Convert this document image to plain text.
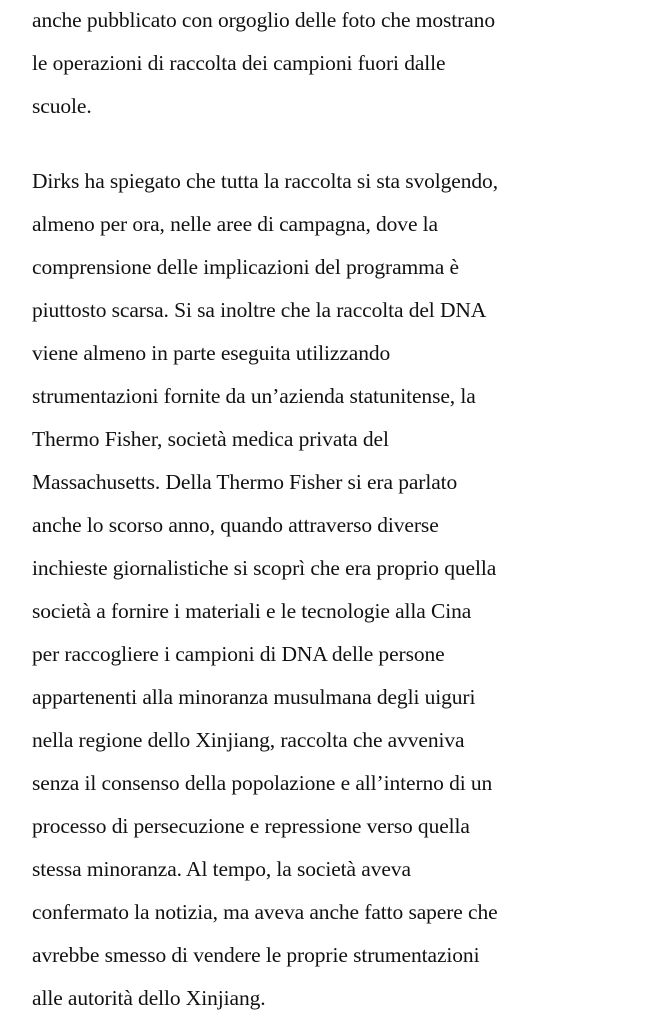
anche pubblicato con orgoglio delle foto che mostrano
le operazioni di raccolta dei campioni fuori dalle
scuole.

Dirks ha spiegato che tutta la raccolta si sta svolgendo,
almeno per ora, nelle aree di campagna, dove la
comprensione delle implicazioni del programma è
piuttosto scarsa. Si sa inoltre che la raccolta del DNA
viene almeno in parte eseguita utilizzando
strumentazioni fornite da un’azienda statunitense, la
Thermo Fisher, società medica privata del
Massachusetts. Della Thermo Fisher si era parlato
anche lo scorso anno, quando attraverso diverse
inchieste giornalistiche si scoprì che era proprio quella
società a fornire i materiali e le tecnologie alla Cina
per raccogliere i campioni di DNA delle persone
appartenenti alla minoranza musulmana degli uiguri
nella regione dello Xinjiang, raccolta che avveniva
senza il consenso della popolazione e all’interno di un
processo di persecuzione e repressione verso quella
stessa minoranza. Al tempo, la società aveva
confermato la notizia, ma aveva anche fatto sapere che
avrebbe smesso di vendere le proprie strumentazioni
alle autorità dello Xinjiang.
